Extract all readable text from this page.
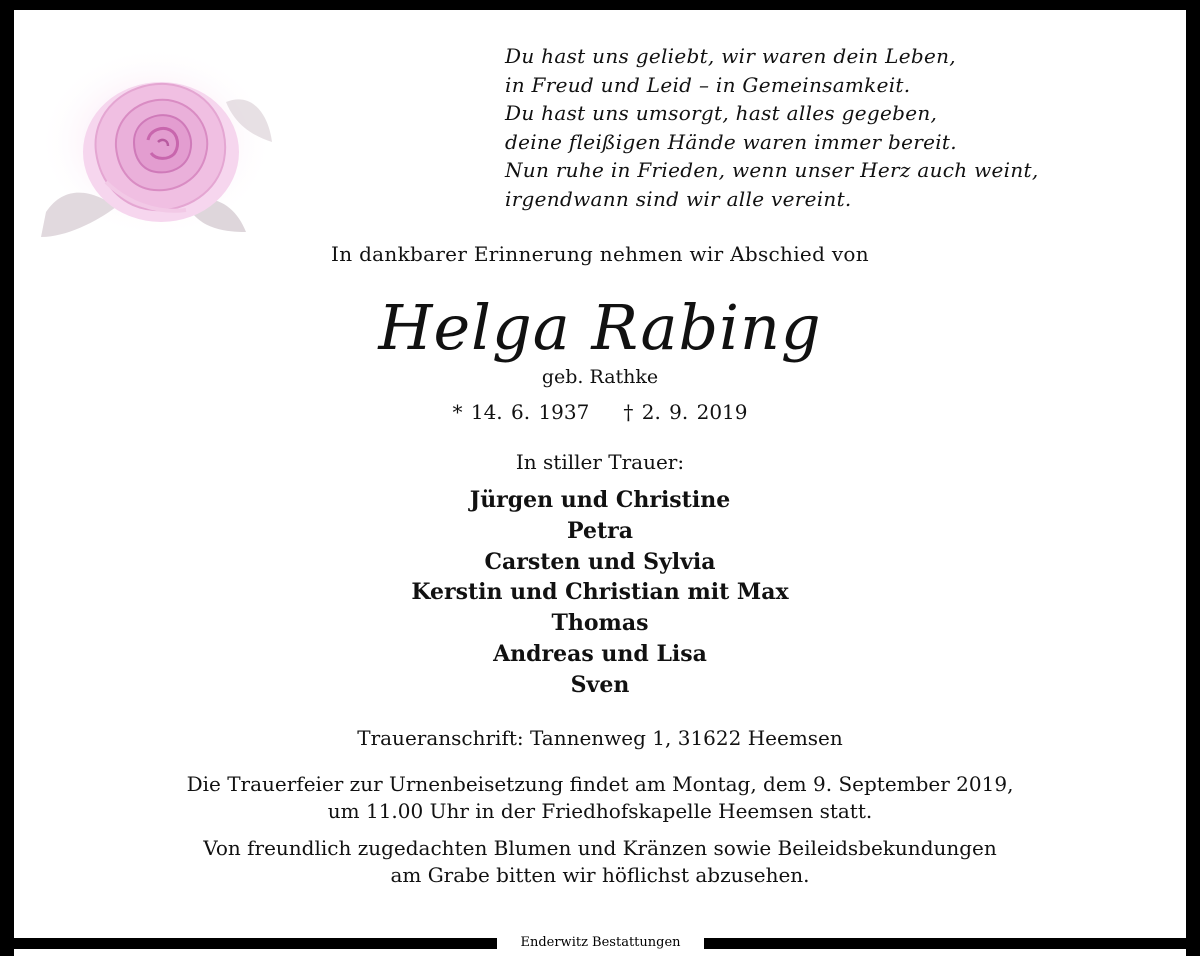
Du hast uns geliebt, wir waren dein Leben,
in Freud und Leid – in Gemeinsamkeit.
Du hast uns umsorgt, hast alles gegeben,
deine fleißigen Hände waren immer bereit.
Nun ruhe in Frieden, wenn unser Herz auch weint,
irgendwann sind wir alle vereint.
In dankbarer Erinnerung nehmen wir Abschied von
Helga Rabing
geb. Rathke
* 14. 6. 1937 † 2. 9. 2019
In stiller Trauer:
Jürgen und Christine
Petra
Carsten und Sylvia
Kerstin und Christian mit Max
Thomas
Andreas und Lisa
Sven
Traueranschrift: Tannenweg 1, 31622 Heemsen
Die Trauerfeier zur Urnenbeisetzung findet am Montag, dem 9. September 2019,
um 11.00 Uhr in der Friedhofskapelle Heemsen statt.
Von freundlich zugedachten Blumen und Kränzen sowie Beileidsbekundungen
am Grabe bitten wir höflichst abzusehen.
Enderwitz Bestattungen
